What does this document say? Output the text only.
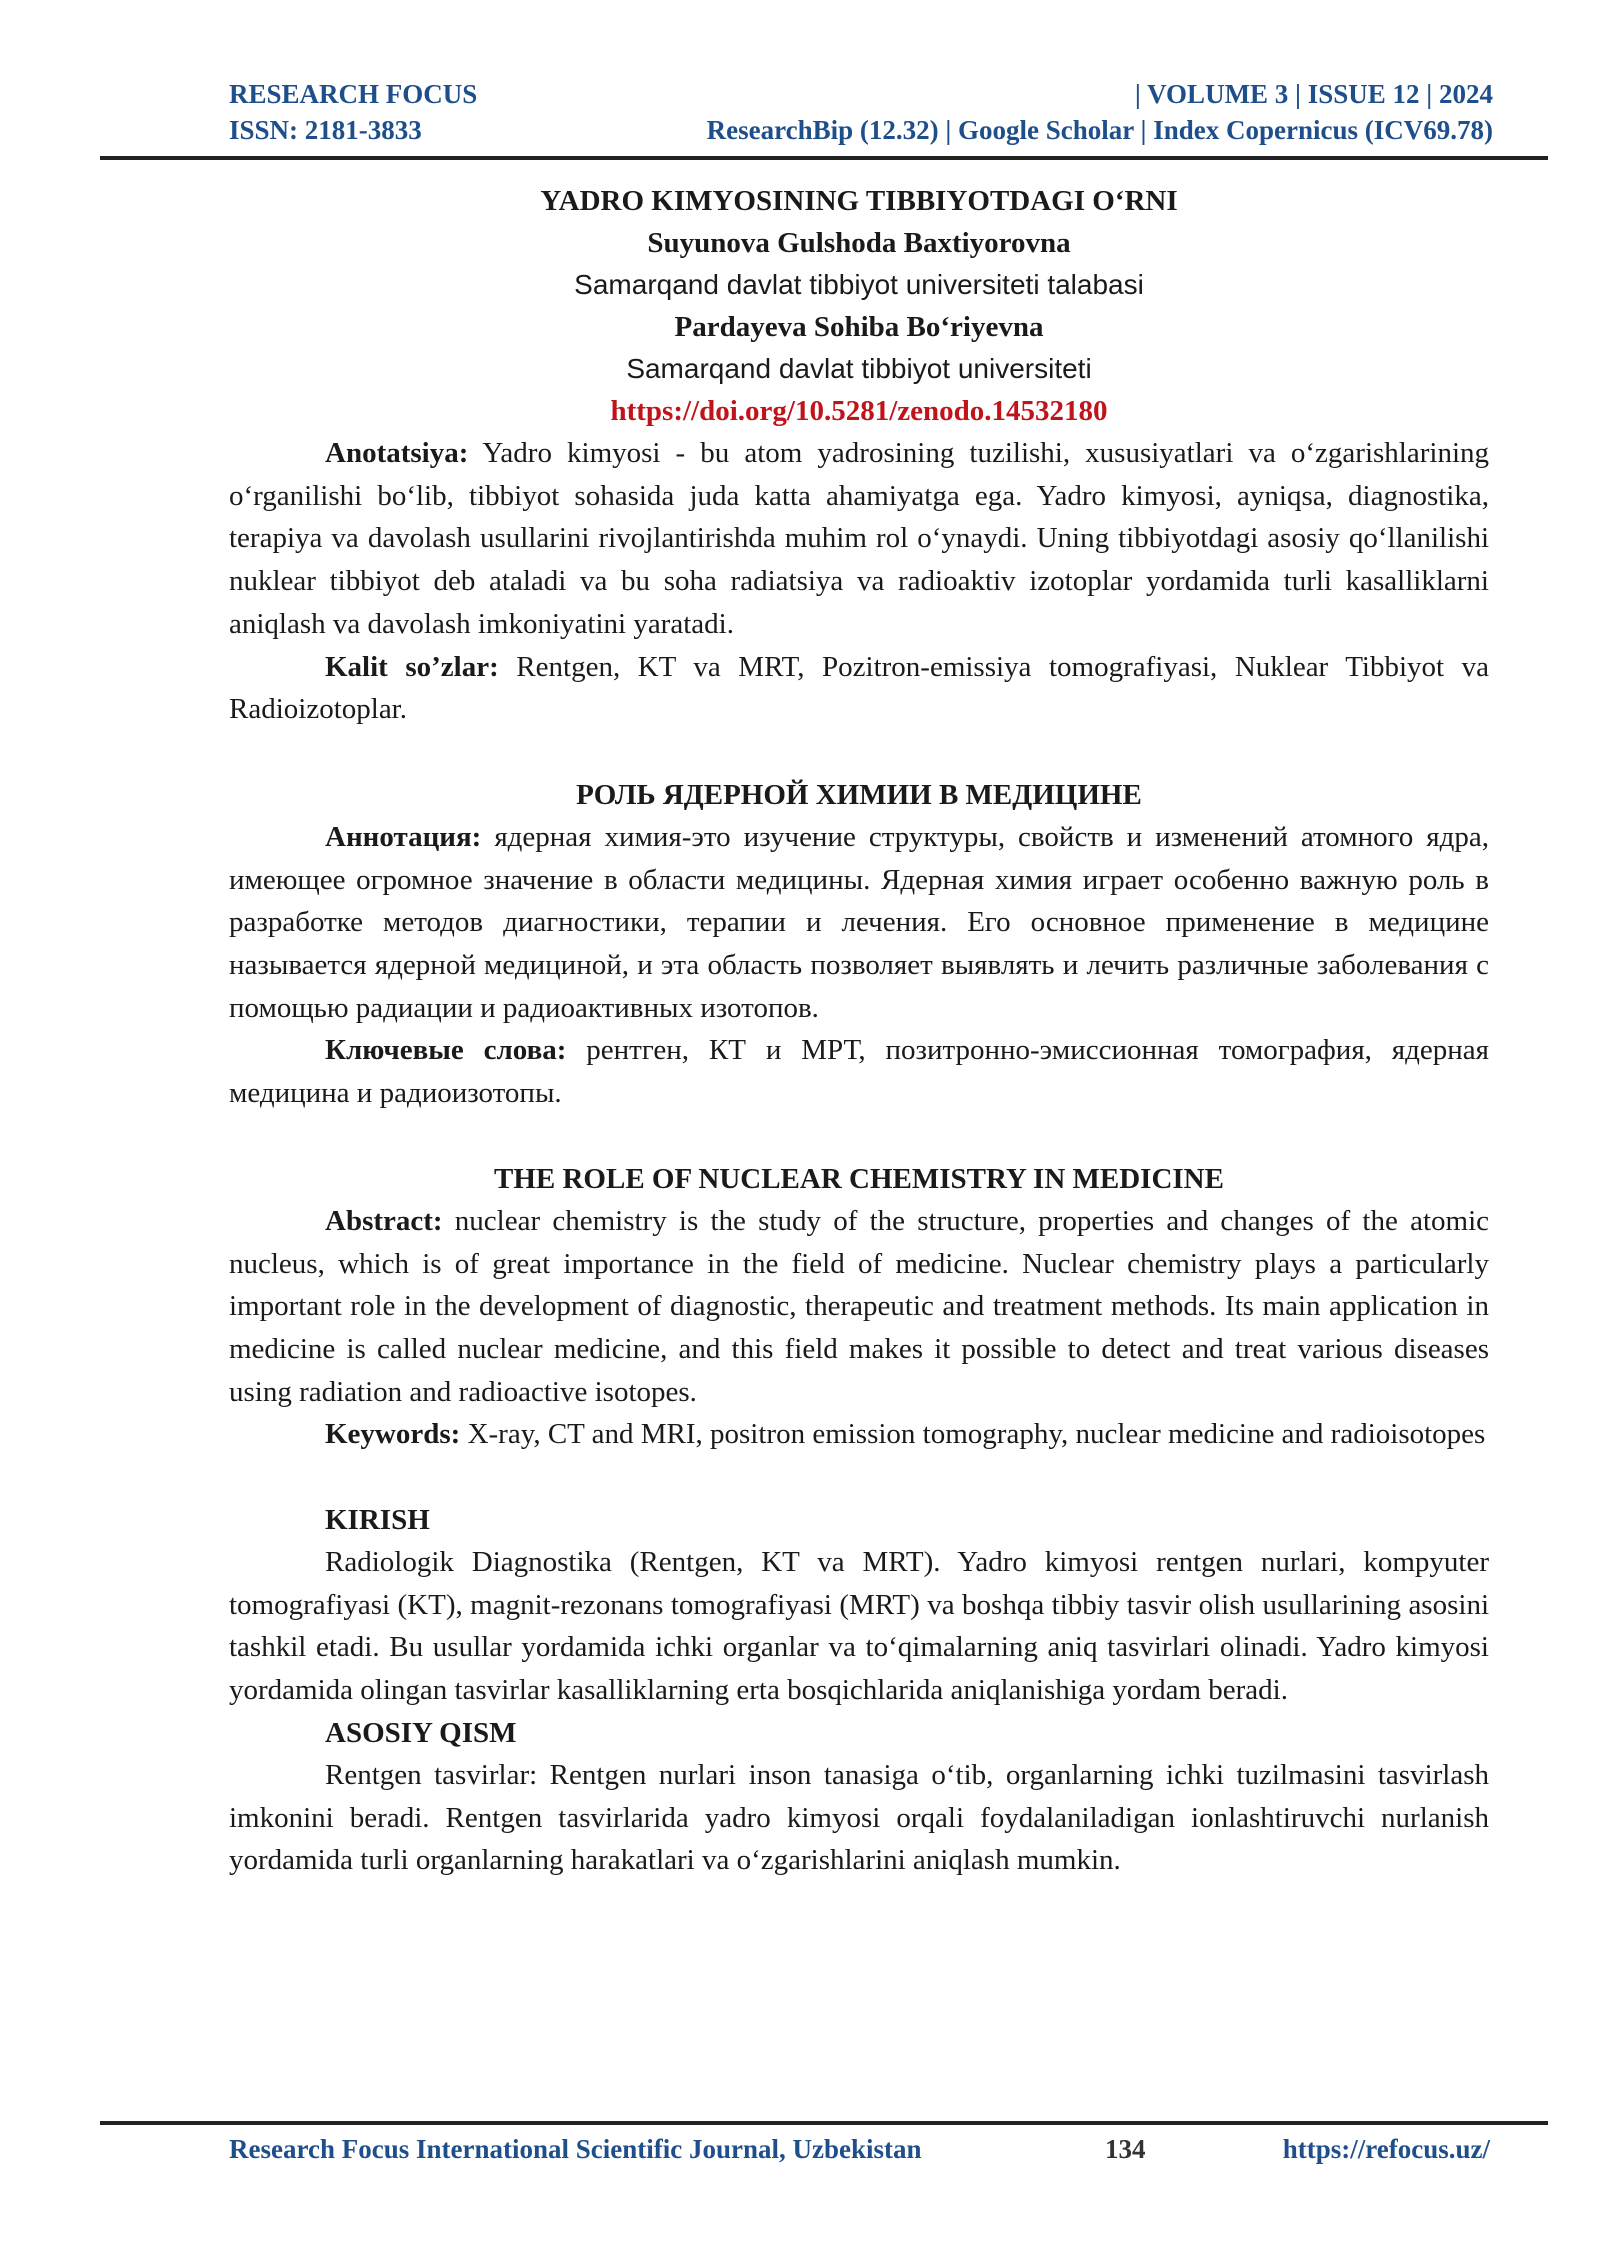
RESEARCH FOCUS	| VOLUME 3 | ISSUE 12 | 2024
ISSN: 2181-3833	ResearchBip (12.32) | Google Scholar | Index Copernicus (ICV69.78)

YADRO KIMYOSINING TIBBIYOTDAGI O‘RNI

Suyunova Gulshoda Baxtiyorovna

Samarqand davlat tibbiyot universiteti talabasi

Pardayeva Sohiba Bo‘riyevna

Samarqand davlat tibbiyot universiteti

https://doi.org/10.5281/zenodo.14532180

Anotatsiya: Yadro kimyosi - bu atom yadrosining tuzilishi, xususiyatlari va o‘zgarishlarining o‘rganilishi bo‘lib, tibbiyot sohasida juda katta ahamiyatga ega. Yadro kimyosi, ayniqsa, diagnostika, terapiya va davolash usullarini rivojlantirishda muhim rol o‘ynaydi. Uning tibbiyotdagi asosiy qo‘llanilishi nuklear tibbiyot deb ataladi va bu soha radiatsiya va radioaktiv izotoplar yordamida turli kasalliklarni aniqlash va davolash imkoniyatini yaratadi.

Kalit so’zlar: Rentgen, KT va MRT, Pozitron-emissiya tomografiyasi, Nuklear Tibbiyot va Radioizotoplar.

РОЛЬ ЯДЕРНОЙ ХИМИИ В МЕДИЦИНЕ

Аннотация: ядерная химия-это изучение структуры, свойств и изменений атомного ядра, имеющее огромное значение в области медицины. Ядерная химия играет особенно важную роль в разработке методов диагностики, терапии и лечения. Его основное применение в медицине называется ядерной медициной, и эта область позволяет выявлять и лечить различные заболевания с помощью радиации и радиоактивных изотопов.

Ключевые слова: рентген, КТ и МРТ, позитронно-эмиссионная томография, ядерная медицина и радиоизотопы.

THE ROLE OF NUCLEAR CHEMISTRY IN MEDICINE

Abstract: nuclear chemistry is the study of the structure, properties and changes of the atomic nucleus, which is of great importance in the field of medicine. Nuclear chemistry plays a particularly important role in the development of diagnostic, therapeutic and treatment methods. Its main application in medicine is called nuclear medicine, and this field makes it possible to detect and treat various diseases using radiation and radioactive isotopes.

Keywords: X-ray, CT and MRI, positron emission tomography, nuclear medicine and radioisotopes

KIRISH

Radiologik Diagnostika (Rentgen, KT va MRT). Yadro kimyosi rentgen nurlari, kompyuter tomografiyasi (KT), magnit-rezonans tomografiyasi (MRT) va boshqa tibbiy tasvir olish usullarining asosini tashkil etadi. Bu usullar yordamida ichki organlar va to‘qimalarning aniq tasvirlari olinadi. Yadro kimyosi yordamida olingan tasvirlar kasalliklarning erta bosqichlarida aniqlanishiga yordam beradi.

ASOSIY QISM

Rentgen tasvirlar: Rentgen nurlari inson tanasiga o‘tib, organlarning ichki tuzilmasini tasvirlash imkonini beradi. Rentgen tasvirlarida yadro kimyosi orqali foydalaniladigan ionlashtiruvchi nurlanish yordamida turli organlarning harakatlari va o‘zgarishlarini aniqlash mumkin.

Research Focus International Scientific Journal, Uzbekistan	134	https://refocus.uz/
